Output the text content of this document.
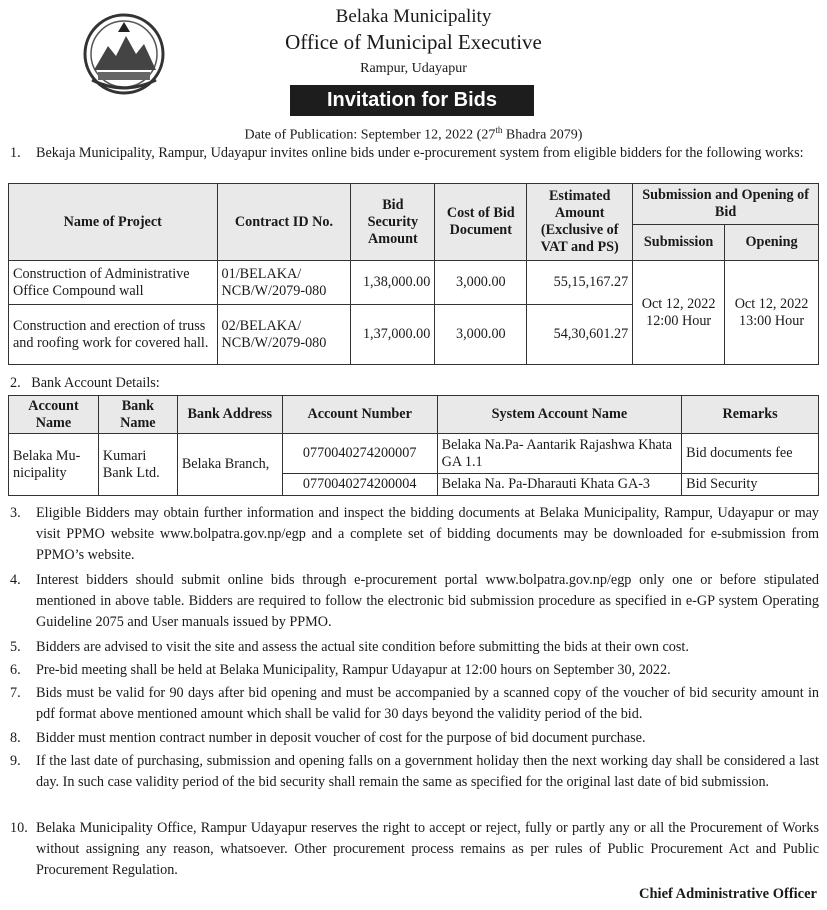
Belaka Municipality
Office of Municipal Executive
Rampur, Udayapur
Invitation for Bids
Date of Publication: September 12, 2022 (27th Bhadra 2079)
1. Bekaja Municipality, Rampur, Udayapur invites online bids under e-procurement system from eligible bidders for the following works:
Name of Project	Contract ID No.	Bid Security Amount	Cost of Bid Document	Estimated Amount (Exclusive of VAT and PS)	Submission and Opening of Bid	
					Submission	Opening
Construction of Administrative Office Compound wall	01/BELAKA/ NCB/W/2079-080	1,38,000.00	3,000.00	55,15,167.27	Oct 12, 2022 12:00 Hour	Oct 12, 2022 13:00 Hour
Construction and erection of truss and roofing work for covered hall.	02/BELAKA/ NCB/W/2079-080	1,37,000.00	3,000.00	54,30,601.27		
2. Bank Account Details:
Account Name	Bank Name	Bank Address	Account Number	System Account Name	Remarks
Belaka Mu-nicipality	Kumari Bank Ltd.	Belaka Branch,	0770040274200007	Belaka Na.Pa- Aantarik Rajashwa Khata GA 1.1	Bid documents fee
			0770040274200004	Belaka Na. Pa-Dharauti Khata GA-3	Bid Security
3. Eligible Bidders may obtain further information and inspect the bidding documents at Belaka Municipality, Rampur, Udayapur or may visit PPMO website www.bolpatra.gov.np/egp and a complete set of bidding documents may be downloaded for e-submission from PPMO’s website.
4. Interest bidders should submit online bids through e-procurement portal www.bolpatra.gov.np/egp only one or before stipulated mentioned in above table. Bidders are required to follow the electronic bid submission procedure as specified in e-GP system Operating Guideline 2075 and User manuals issued by PPMO.
5. Bidders are advised to visit the site and assess the actual site condition before submitting the bids at their own cost.
6. Pre-bid meeting shall be held at Belaka Municipality, Rampur Udayapur at 12:00 hours on September 30, 2022.
7. Bids must be valid for 90 days after bid opening and must be accompanied by a scanned copy of the voucher of bid security amount in pdf format above mentioned amount which shall be valid for 30 days beyond the validity period of the bid.
8. Bidder must mention contract number in deposit voucher of cost for the purpose of bid document purchase.
9. If the last date of purchasing, submission and opening falls on a government holiday then the next working day shall be considered a last day. In such case validity period of the bid security shall remain the same as specified for the original last date of bid submission.
10. Belaka Municipality Office, Rampur Udayapur reserves the right to accept or reject, fully or partly any or all the Procurement of Works without assigning any reason, whatsoever. Other procurement process remains as per rules of Public Procurement Act and Public Procurement Regulation.
Chief Administrative Officer
